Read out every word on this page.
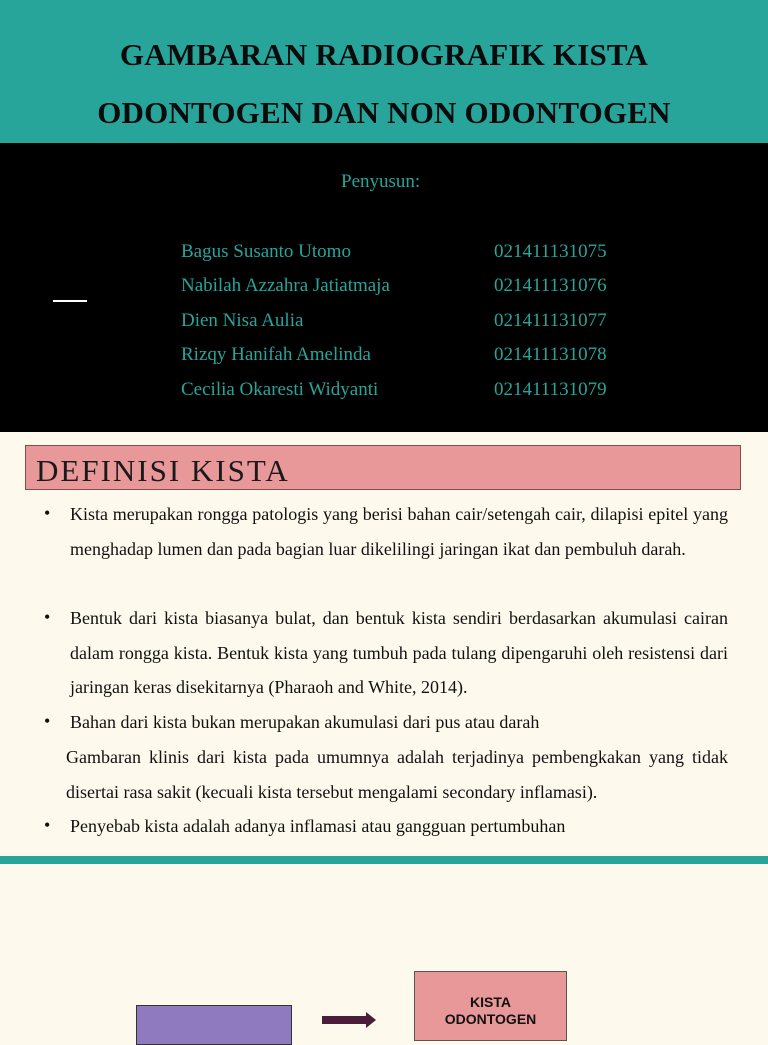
GAMBARAN RADIOGRAFIK KISTA
ODONTOGEN DAN NON ODONTOGEN
Penyusun:
Bagus Susanto Utomo	021411131075
Nabilah Azzahra Jatiatmaja	021411131076
Dien Nisa Aulia	021411131077
Rizqy Hanifah Amelinda	021411131078
Cecilia Okaresti Widyanti	021411131079
DEFINISI KISTA
• Kista merupakan rongga patologis yang berisi bahan cair/setengah cair, dilapisi epitel yang menghadap lumen dan pada bagian luar dikelilingi jaringan ikat dan pembuluh darah.
• Bentuk dari kista biasanya bulat, dan bentuk kista sendiri berdasarkan akumulasi cairan dalam rongga kista. Bentuk kista yang tumbuh pada tulang dipengaruhi oleh resistensi dari jaringan keras disekitarnya (Pharaoh and White, 2014).
• Bahan dari kista bukan merupakan akumulasi dari pus atau darah
Gambaran klinis dari kista pada umumnya adalah terjadinya pembengkakan yang tidak disertai rasa sakit (kecuali kista tersebut mengalami secondary inflamasi).
• Penyebab kista adalah adanya inflamasi atau gangguan pertumbuhan
KISTA
ODONTOGEN
